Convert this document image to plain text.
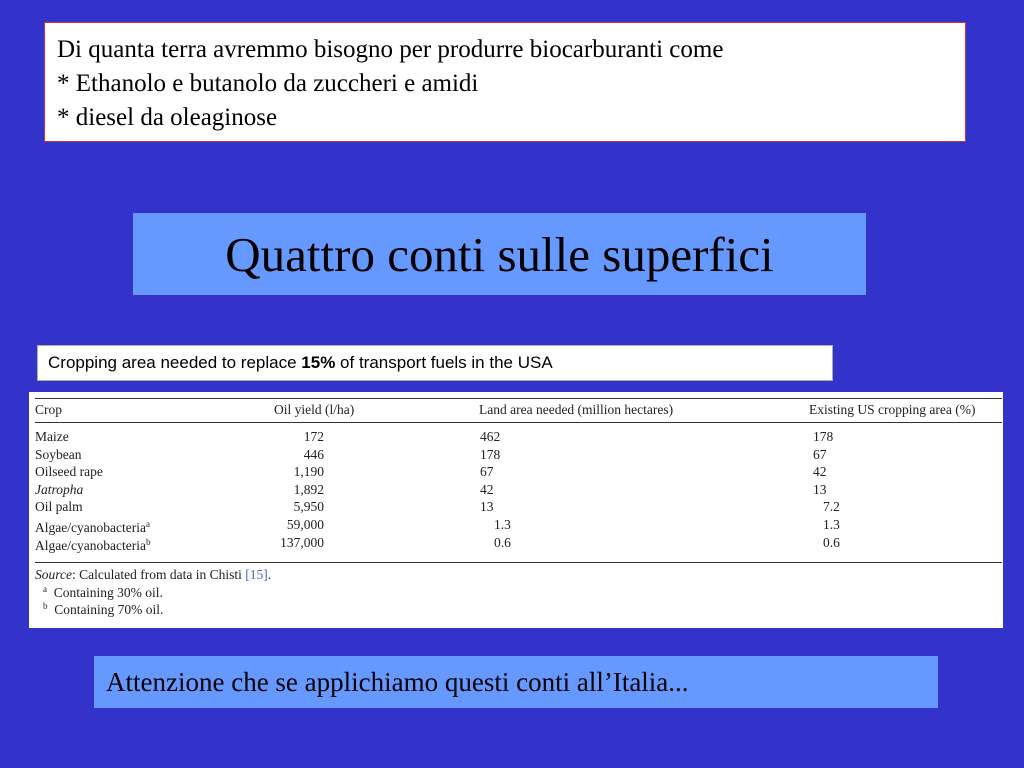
Di quanta terra avremmo bisogno per produrre biocarburanti come
* Ethanolo e butanolo da zuccheri e amidi
* diesel da oleaginose
Quattro conti sulle superfici
Cropping area needed to replace 15% of transport fuels in the USA
Crop	Oil yield (l/ha)	Land area needed (million hectares)	Existing US cropping area (%)
Maize	172	462	178
Soybean	446	178	67
Oilseed rape	1,190	67	42
Jatropha	1,892	42	13
Oil palm	5,950	13	7.2
Algae/cyanobacteria$^a$	59,000	1.3	1.3
Algae/cyanobacteria$^b$	137,000	0.6	0.6
Source: Calculated from data in Chisti [15].
$^a$ Containing 30% oil.
$^b$ Containing 70% oil.
Attenzione che se applichiamo questi conti all’Italia...
